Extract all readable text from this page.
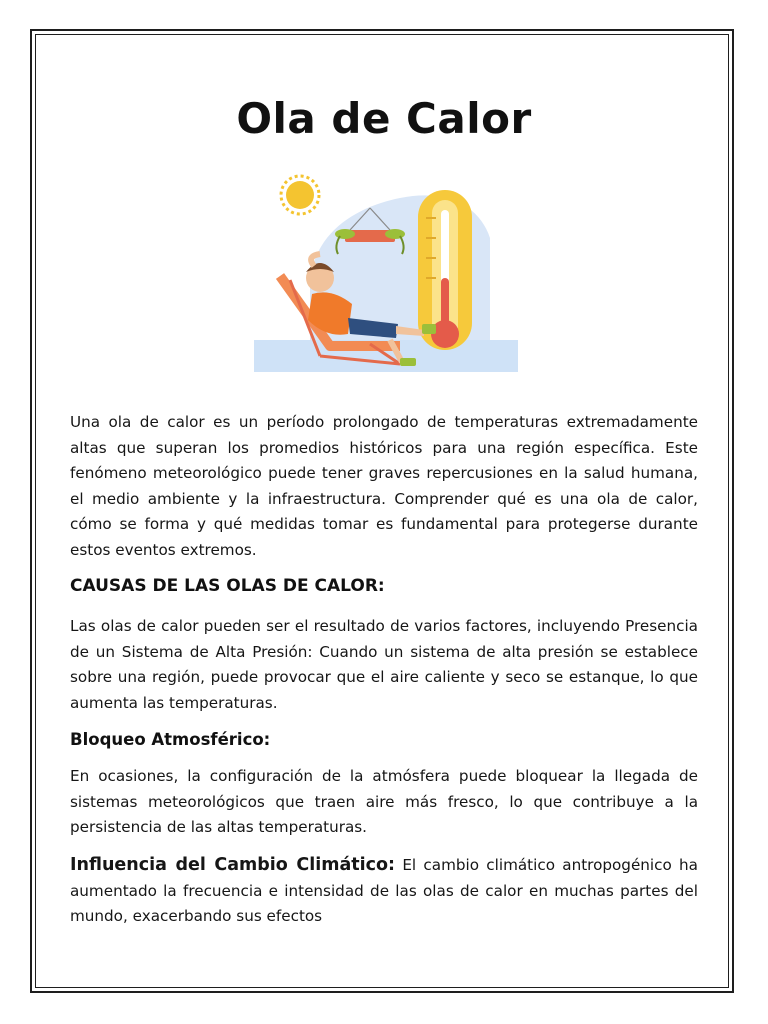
Ola de Calor

Una ola de calor es un período prolongado de temperaturas extremadamente altas que superan los promedios históricos para una región específica. Este fenómeno meteorológico puede tener graves repercusiones en la salud humana, el medio ambiente y la infraestructura. Comprender qué es una ola de calor, cómo se forma y qué medidas tomar es fundamental para protegerse durante estos eventos extremos.

CAUSAS DE LAS OLAS DE CALOR:

Las olas de calor pueden ser el resultado de varios factores, incluyendo Presencia de un Sistema de Alta Presión: Cuando un sistema de alta presión se establece sobre una región, puede provocar que el aire caliente y seco se estanque, lo que aumenta las temperaturas.

Bloqueo Atmosférico:

En ocasiones, la configuración de la atmósfera puede bloquear la llegada de sistemas meteorológicos que traen aire más fresco, lo que contribuye a la persistencia de las altas temperaturas.

Influencia del Cambio Climático: El cambio climático antropogénico ha aumentado la frecuencia e intensidad de las olas de calor en muchas partes del mundo, exacerbando sus efectos
